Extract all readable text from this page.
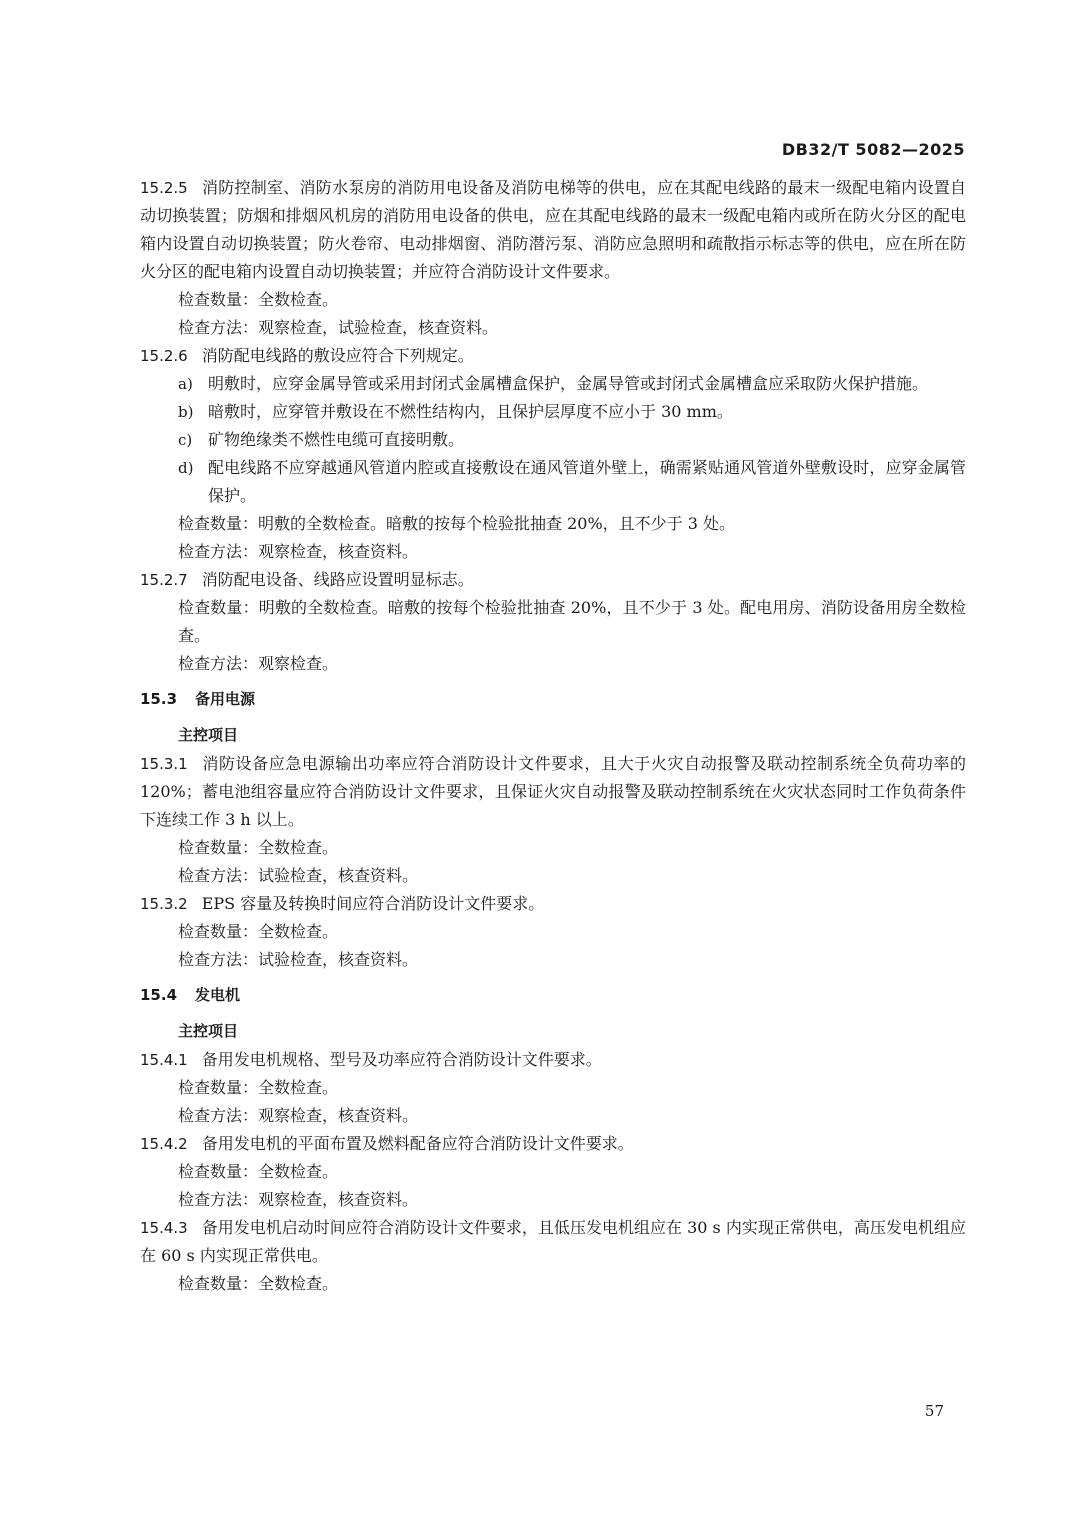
DB32/T 5082—2025

15.2.5 消防控制室、消防水泵房的消防用电设备及消防电梯等的供电，应在其配电线路的最末一级配电箱内设置自动切换装置；防烟和排烟风机房的消防用电设备的供电，应在其配电线路的最末一级配电箱内或所在防火分区的配电箱内设置自动切换装置；防火卷帘、电动排烟窗、消防潜污泵、消防应急照明和疏散指示标志等的供电，应在所在防火分区的配电箱内设置自动切换装置；并应符合消防设计文件要求。

检查数量：全数检查。

检查方法：观察检查，试验检查，核查资料。

15.2.6 消防配电线路的敷设应符合下列规定。

a) 明敷时，应穿金属导管或采用封闭式金属槽盒保护，金属导管或封闭式金属槽盒应采取防火保护措施。

b) 暗敷时，应穿管并敷设在不燃性结构内，且保护层厚度不应小于 30 mm。

c) 矿物绝缘类不燃性电缆可直接明敷。

d) 配电线路不应穿越通风管道内腔或直接敷设在通风管道外壁上，确需紧贴通风管道外壁敷设时，应穿金属管保护。

检查数量：明敷的全数检查。暗敷的按每个检验批抽查 20%，且不少于 3 处。

检查方法：观察检查，核查资料。

15.2.7 消防配电设备、线路应设置明显标志。

检查数量：明敷的全数检查。暗敷的按每个检验批抽查 20%，且不少于 3 处。配电用房、消防设备用房全数检查。

检查方法：观察检查。

15.3 备用电源
主控项目

15.3.1 消防设备应急电源输出功率应符合消防设计文件要求，且大于火灾自动报警及联动控制系统全负荷功率的 120%；蓄电池组容量应符合消防设计文件要求，且保证火灾自动报警及联动控制系统在火灾状态同时工作负荷条件下连续工作 3 h 以上。

检查数量：全数检查。

检查方法：试验检查，核查资料。

15.3.2 EPS 容量及转换时间应符合消防设计文件要求。

检查数量：全数检查。

检查方法：试验检查，核查资料。

15.4 发电机
主控项目

15.4.1 备用发电机规格、型号及功率应符合消防设计文件要求。

检查数量：全数检查。

检查方法：观察检查，核查资料。

15.4.2 备用发电机的平面布置及燃料配备应符合消防设计文件要求。

检查数量：全数检查。

检查方法：观察检查，核查资料。

15.4.3 备用发电机启动时间应符合消防设计文件要求，且低压发电机组应在 30 s 内实现正常供电，高压发电机组应在 60 s 内实现正常供电。

检查数量：全数检查。

57
